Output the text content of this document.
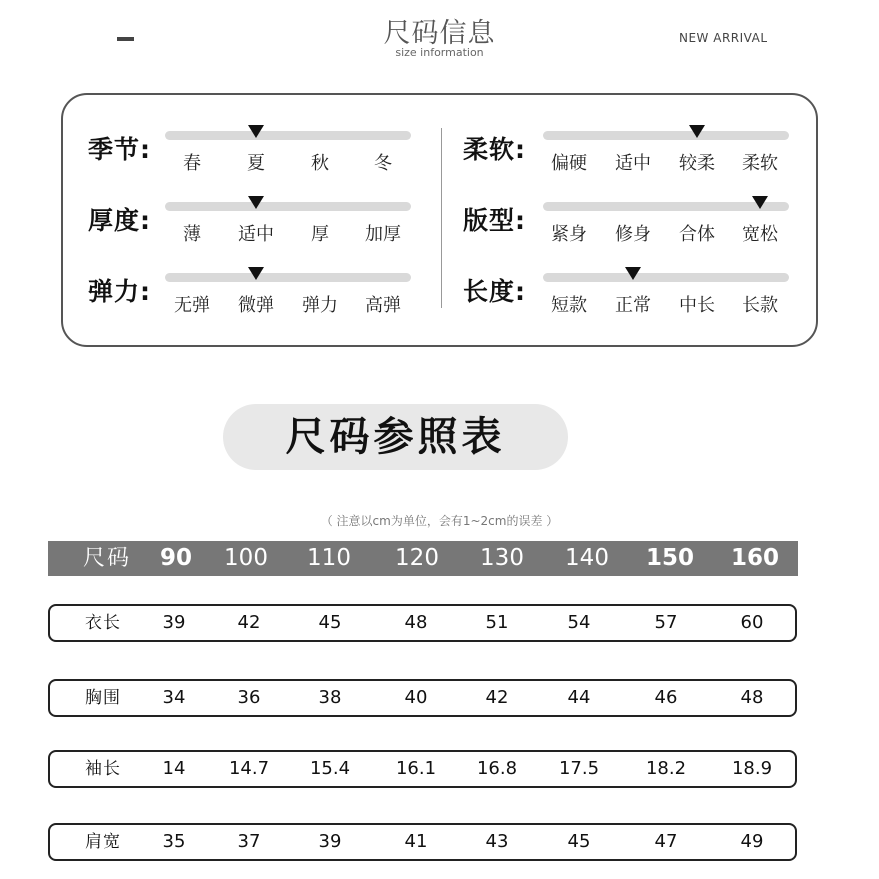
尺码信息
size information
NEW ARRIVAL
季节:	春	夏	秋	冬
厚度:	薄	适中	厚	加厚
弹力:	无弹	微弹	弹力	高弹
柔软:	偏硬	适中	较柔	柔软
版型:	紧身	修身	合体	宽松
长度:	短款	正常	中长	长款
尺码参照表
（ 注意以cm为单位，会有1~2cm的误差 ）
尺码	90	100	110	120	130	140	150	160
衣长	39	42	45	48	51	54	57	60
胸围	34	36	38	40	42	44	46	48
袖长	14	14.7	15.4	16.1	16.8	17.5	18.2	18.9
肩宽	35	37	39	41	43	45	47	49
